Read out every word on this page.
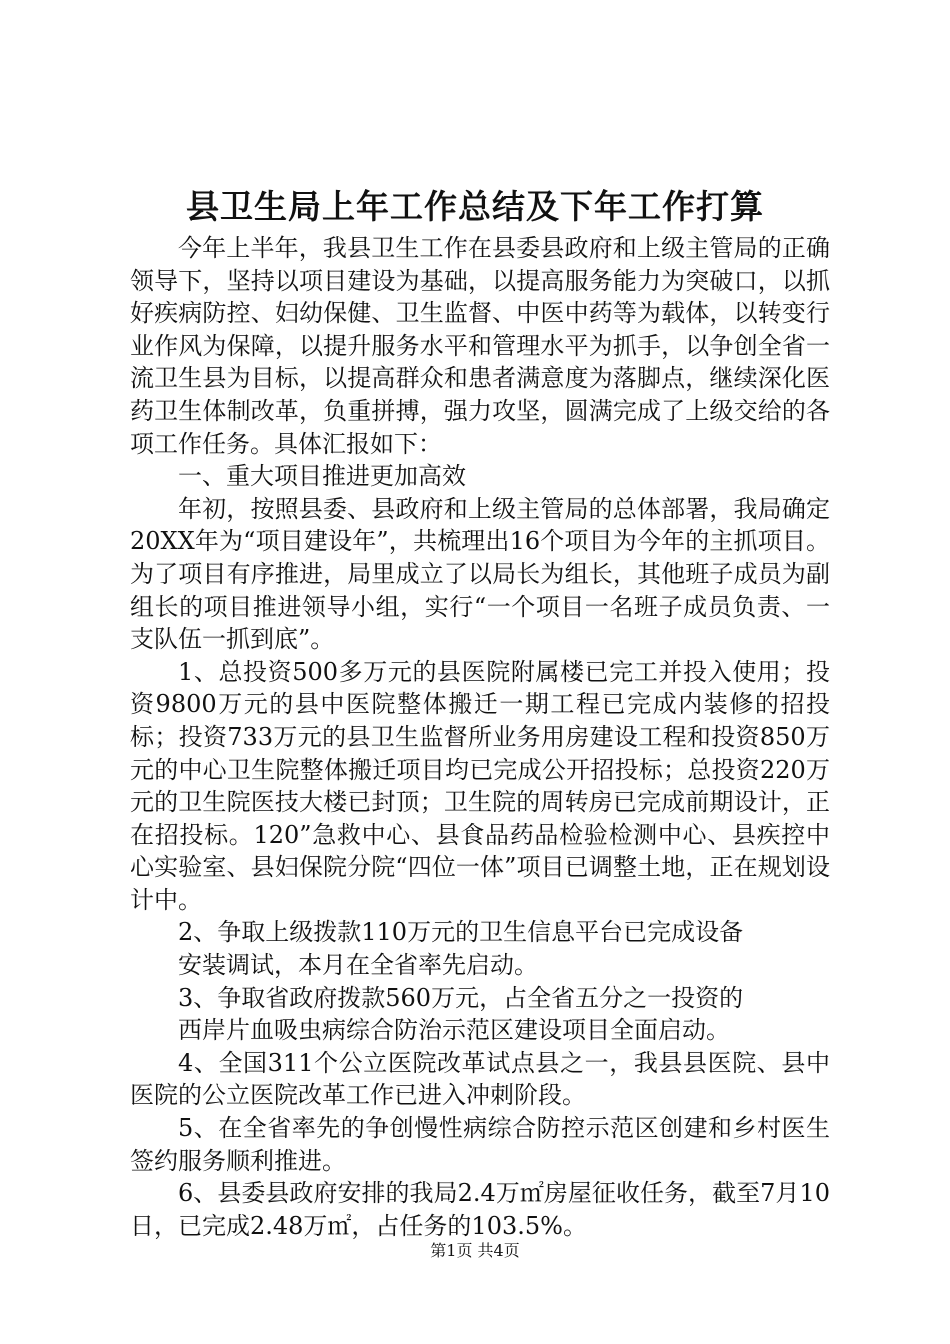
县卫生局上年工作总结及下年工作打算

今年上半年，我县卫生工作在县委县政府和上级主管局的正确领导下，坚持以项目建设为基础，以提高服务能力为突破口，以抓好疾病防控、妇幼保健、卫生监督、中医中药等为载体，以转变行业作风为保障，以提升服务水平和管理水平为抓手，以争创全省一流卫生县为目标，以提高群众和患者满意度为落脚点，继续深化医药卫生体制改革，负重拼搏，强力攻坚，圆满完成了上级交给的各项工作任务。具体汇报如下：

一、重大项目推进更加高效

年初，按照县委、县政府和上级主管局的总体部署，我局确定20XX年为“项目建设年”，共梳理出16个项目为今年的主抓项目。为了项目有序推进，局里成立了以局长为组长，其他班子成员为副组长的项目推进领导小组，实行“一个项目一名班子成员负责、一支队伍一抓到底”。

1、总投资500多万元的县医院附属楼已完工并投入使用；投资9800万元的县中医院整体搬迁一期工程已完成内装修的招投标；投资733万元的县卫生监督所业务用房建设工程和投资850万元的中心卫生院整体搬迁项目均已完成公开招投标；总投资220万元的卫生院医技大楼已封顶；卫生院的周转房已完成前期设计，正在招投标。120”急救中心、县食品药品检验检测中心、县疾控中心实验室、县妇保院分院“四位一体”项目已调整土地，正在规划设计中。

2、争取上级拨款110万元的卫生信息平台已完成设备

安装调试，本月在全省率先启动。

3、争取省政府拨款560万元，占全省五分之一投资的

西岸片血吸虫病综合防治示范区建设项目全面启动。

4、全国311个公立医院改革试点县之一，我县县医院、县中医院的公立医院改革工作已进入冲刺阶段。

5、在全省率先的争创慢性病综合防控示范区创建和乡村医生签约服务顺利推进。

6、县委县政府安排的我局2.4万㎡房屋征收任务，截至7月10日，已完成2.48万㎡，占任务的103.5%。

第1页 共4页
